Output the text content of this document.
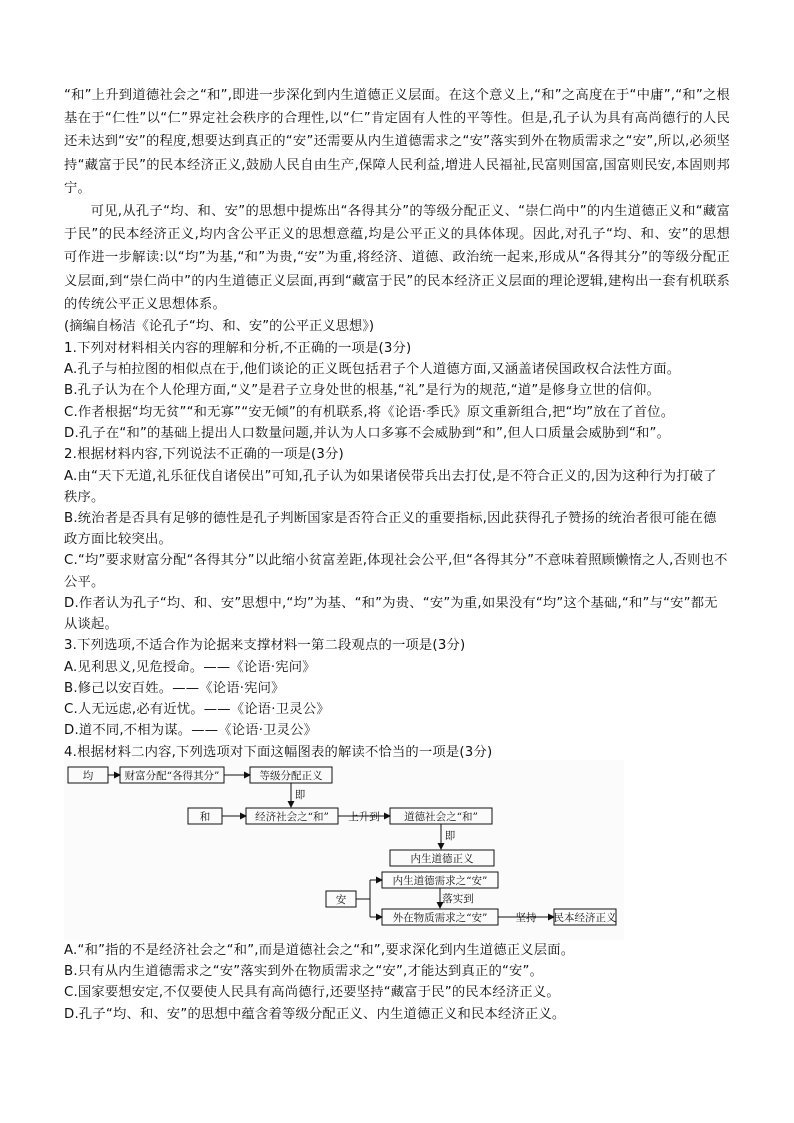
“和”上升到道德社会之“和”,即进一步深化到内生道德正义层面。在这个意义上,“和”之高度在于“中庸”,“和”之根基在于“仁性”以“仁”界定社会秩序的合理性,以“仁”肯定固有人性的平等性。但是,孔子认为具有高尚德行的人民还未达到“安”的程度,想要达到真正的“安”还需要从内生道德需求之“安”落实到外在物质需求之“安”,所以,必须坚持“藏富于民”的民本经济正义,鼓励人民自由生产,保障人民利益,增进人民福祉,民富则国富,国富则民安,本固则邦宁。

可见,从孔子“均、和、安”的思想中提炼出“各得其分”的等级分配正义、“崇仁尚中”的内生道德正义和“藏富于民”的民本经济正义,均内含公平正义的思想意蕴,均是公平正义的具体体现。因此,对孔子“均、和、安”的思想可作进一步解读:以“均”为基,“和”为贵,“安”为重,将经济、道德、政治统一起来,形成从“各得其分”的等级分配正义层面,到“崇仁尚中”的内生道德正义层面,再到“藏富于民”的民本经济正义层面的理论逻辑,建构出一套有机联系的传统公平正义思想体系。

(摘编自杨洁《论孔子“均、和、安”的公平正义思想》)

1.下列对材料相关内容的理解和分析,不正确的一项是(3分)

A.孔子与柏拉图的相似点在于,他们谈论的正义既包括君子个人道德方面,又涵盖诸侯国政权合法性方面。

B.孔子认为在个人伦理方面,“义”是君子立身处世的根基,“礼”是行为的规范,“道”是修身立世的信仰。

C.作者根据“均无贫”“和无寡”“安无倾”的有机联系,将《论语·季氏》原文重新组合,把“均”放在了首位。

D.孔子在“和”的基础上提出人口数量问题,并认为人口多寡不会威胁到“和”,但人口质量会威胁到“和”。

2.根据材料内容,下列说法不正确的一项是(3分)

A.由“天下无道,礼乐征伐自诸侯出”可知,孔子认为如果诸侯带兵出去打仗,是不符合正义的,因为这种行为打破了秩序。

B.统治者是否具有足够的德性是孔子判断国家是否符合正义的重要指标,因此获得孔子赞扬的统治者很可能在德政方面比较突出。

C.“均”要求财富分配“各得其分”以此缩小贫富差距,体现社会公平,但“各得其分”不意味着照顾懒惰之人,否则也不公平。

D.作者认为孔子“均、和、安”思想中,“均”为基、“和”为贵、“安”为重,如果没有“均”这个基础,“和”与“安”都无从谈起。

3.下列选项,不适合作为论据来支撑材料一第二段观点的一项是(3分)

A.见利思义,见危授命。——《论语·宪问》

B.修己以安百姓。——《论语·宪问》

C.人无远虑,必有近忧。——《论语·卫灵公》

D.道不同,不相为谋。——《论语·卫灵公》

4.根据材料二内容,下列选项对下面这幅图表的解读不恰当的一项是(3分)

均	财富分配“各得其分”	等级分配正义
即
和	经济社会之“和” 上升到 道德社会之“和”
即
内生道德正义
安
内生道德需求之“安”
落实到
外在物质需求之“安”	坚持 民本经济正义

A.“和”指的不是经济社会之“和”,而是道德社会之“和”,要求深化到内生道德正义层面。

B.只有从内生道德需求之“安”落实到外在物质需求之“安”,才能达到真正的“安”。

C.国家要想安定,不仅要使人民具有高尚德行,还要坚持“藏富于民”的民本经济正义。

D.孔子“均、和、安”的思想中蕴含着等级分配正义、内生道德正义和民本经济正义。
